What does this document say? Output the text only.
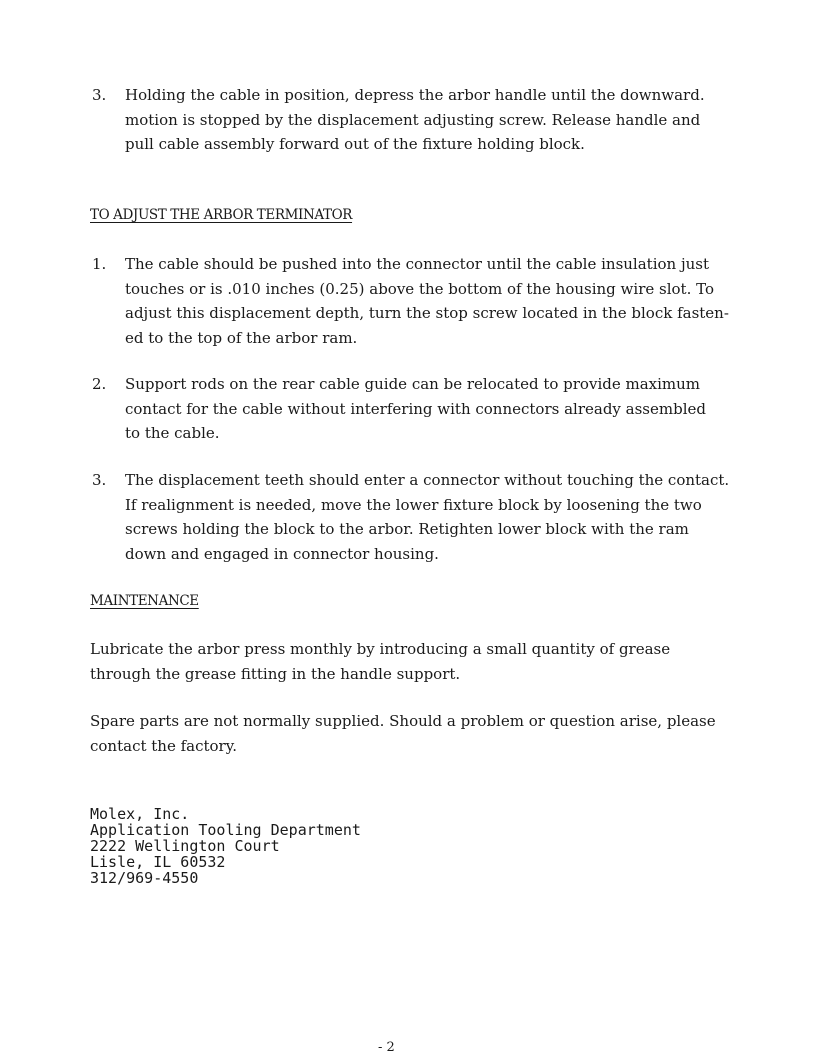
3. Holding the cable in position, depress the arbor handle until the downward.
motion is stopped by the displacement adjusting screw. Release handle and
pull cable assembly forward out of the fixture holding block.
TO ADJUST THE ARBOR TERMINATOR
1. The cable should be pushed into the connector until the cable insulation just
touches or is .010 inches (0.25) above the bottom of the housing wire slot. To
adjust this displacement depth, turn the stop screw located in the block fasten-
ed to the top of the arbor ram.
2. Support rods on the rear cable guide can be relocated to provide maximum
contact for the cable without interfering with connectors already assembled
to the cable.
3. The displacement teeth should enter a connector without touching the contact.
If realignment is needed, move the lower fixture block by loosening the two
screws holding the block to the arbor. Retighten lower block with the ram
down and engaged in connector housing.
MAINTENANCE
Lubricate the arbor press monthly by introducing a small quantity of grease
through the grease fitting in the handle support.
Spare parts are not normally supplied. Should a problem or question arise, please
contact the factory.
Molex, Inc.
Application Tooling Department
2222 Wellington Court
Lisle, IL 60532
312/969-4550
- 2
